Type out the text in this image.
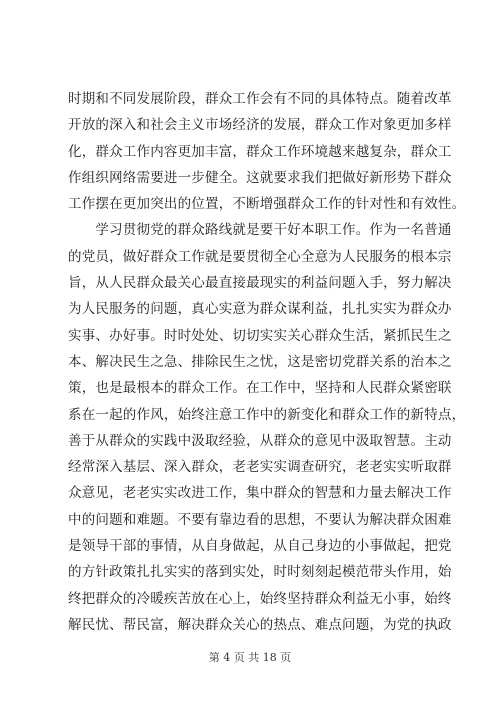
时期和不同发展阶段，群众工作会有不同的具体特点。随着改革
开放的深入和社会主义市场经济的发展，群众工作对象更加多样
化，群众工作内容更加丰富，群众工作环境越来越复杂，群众工
作组织网络需要进一步健全。这就要求我们把做好新形势下群众
工作摆在更加突出的位置，不断增强群众工作的针对性和有效性。
　　学习贯彻党的群众路线就是要干好本职工作。作为一名普通
的党员，做好群众工作就是要贯彻全心全意为人民服务的根本宗
旨，从人民群众最关心最直接最现实的利益问题入手，努力解决
为人民服务的问题，真心实意为群众谋利益，扎扎实实为群众办
实事、办好事。时时处处、切切实实关心群众生活，紧抓民生之
本、解决民生之急、排除民生之忧，这是密切党群关系的治本之
策，也是最根本的群众工作。在工作中，坚持和人民群众紧密联
系在一起的作风，始终注意工作中的新变化和群众工作的新特点，
善于从群众的实践中汲取经验，从群众的意见中汲取智慧。主动
经常深入基层、深入群众，老老实实调查研究，老老实实听取群
众意见，老老实实改进工作，集中群众的智慧和力量去解决工作
中的问题和难题。不要有靠边看的思想，不要认为解决群众困难
是领导干部的事情，从自身做起，从自己身边的小事做起，把党
的方针政策扎扎实实的落到实处，时时刻刻起模范带头作用，始
终把群众的冷暖疾苦放在心上，始终坚持群众利益无小事，始终
解民忧、帮民富，解决群众关心的热点、难点问题，为党的执政
第 4 页 共 18 页
